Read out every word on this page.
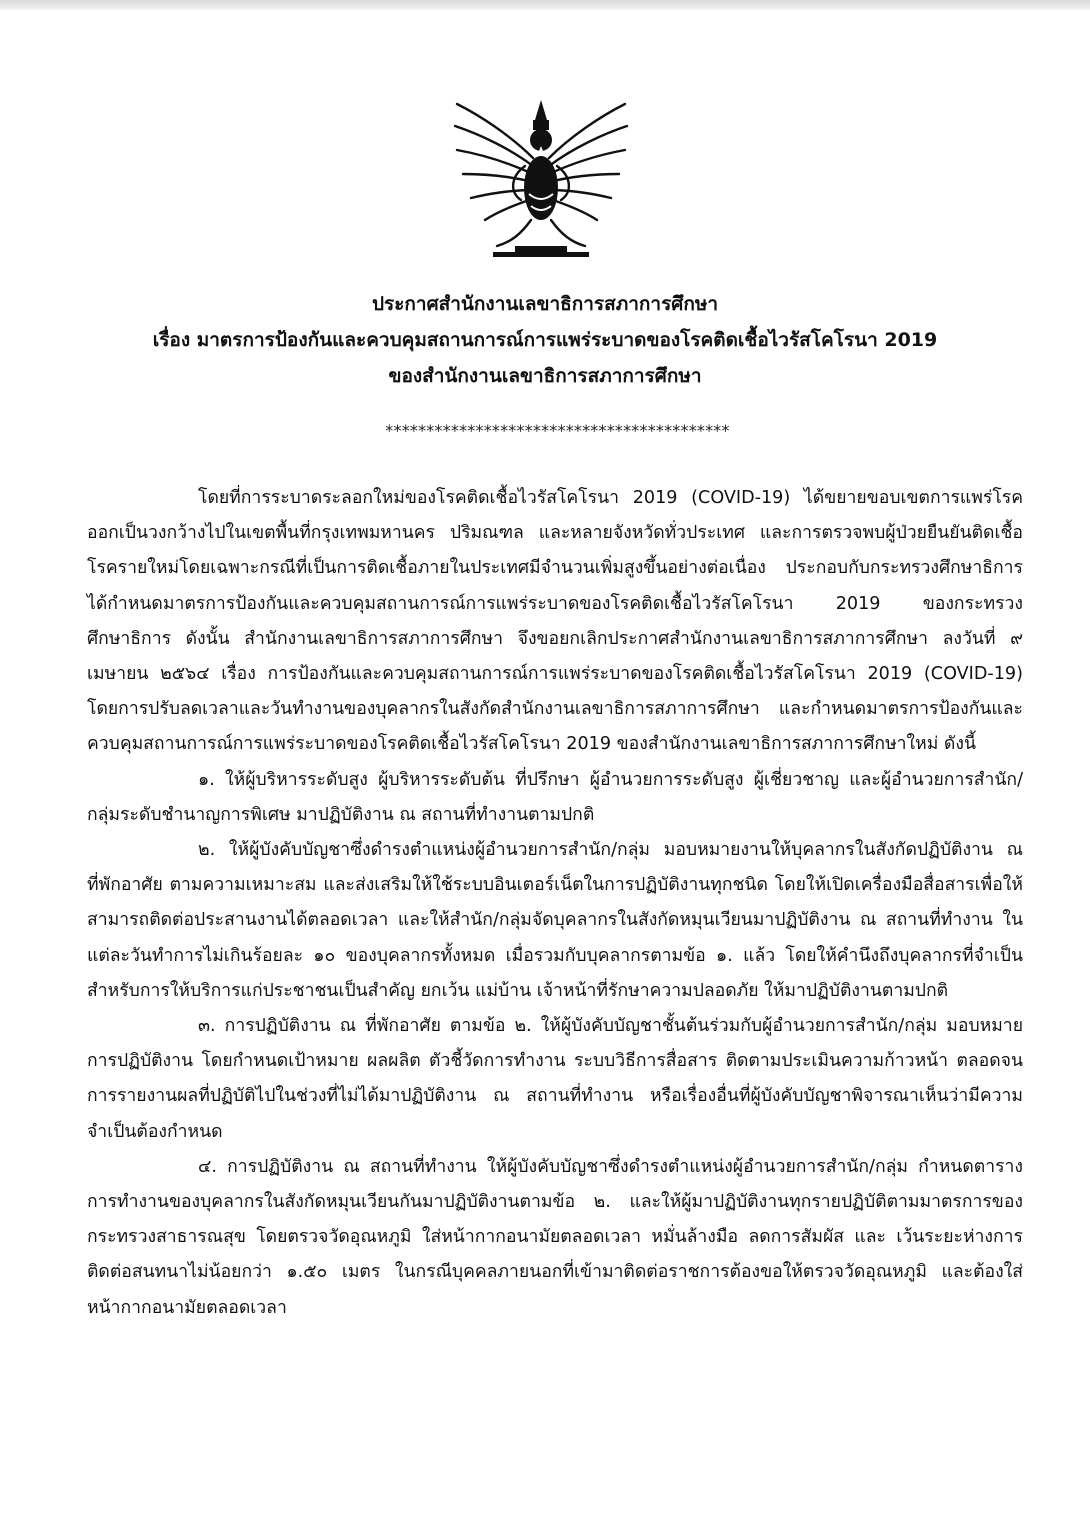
ประกาศสำนักงานเลขาธิการสภาการศึกษา
เรื่อง มาตรการป้องกันและควบคุมสถานการณ์การแพร่ระบาดของโรคติดเชื้อไวรัสโคโรนา 2019
ของสำนักงานเลขาธิการสภาการศึกษา
******************************************

โดยที่การระบาดระลอกใหม่ของโรคติดเชื้อไวรัสโคโรนา 2019 (COVID-19) ได้ขยายขอบเขตการแพร่โรคออกเป็นวงกว้างไปในเขตพื้นที่กรุงเทพมหานคร ปริมณฑล และหลายจังหวัดทั่วประเทศ และการตรวจพบผู้ป่วยยืนยันติดเชื้อโรครายใหม่โดยเฉพาะกรณีที่เป็นการติดเชื้อภายในประเทศมีจำนวนเพิ่มสูงขึ้นอย่างต่อเนื่อง ประกอบกับกระทรวงศึกษาธิการได้กำหนดมาตรการป้องกันและควบคุมสถานการณ์การแพร่ระบาดของโรคติดเชื้อไวรัสโคโรนา 2019 ของกระทรวงศึกษาธิการ ดังนั้น สำนักงานเลขาธิการสภาการศึกษา จึงขอยกเลิกประกาศสำนักงานเลขาธิการสภาการศึกษา ลงวันที่ ๙ เมษายน ๒๕๖๔ เรื่อง การป้องกันและควบคุมสถานการณ์การแพร่ระบาดของโรคติดเชื้อไวรัสโคโรนา 2019 (COVID-19) โดยการปรับลดเวลาและวันทำงานของบุคลากรในสังกัดสำนักงานเลขาธิการสภาการศึกษา และกำหนดมาตรการป้องกันและควบคุมสถานการณ์การแพร่ระบาดของโรคติดเชื้อไวรัสโคโรนา 2019 ของสำนักงานเลขาธิการสภาการศึกษาใหม่ ดังนี้

๑. ให้ผู้บริหารระดับสูง ผู้บริหารระดับต้น ที่ปรึกษา ผู้อำนวยการระดับสูง ผู้เชี่ยวชาญ และผู้อำนวยการสำนัก/กลุ่มระดับชำนาญการพิเศษ มาปฏิบัติงาน ณ สถานที่ทำงานตามปกติ

๒. ให้ผู้บังคับบัญชาซึ่งดำรงตำแหน่งผู้อำนวยการสำนัก/กลุ่ม มอบหมายงานให้บุคลากรในสังกัดปฏิบัติงาน ณ ที่พักอาศัย ตามความเหมาะสม และส่งเสริมให้ใช้ระบบอินเตอร์เน็ตในการปฏิบัติงานทุกชนิด โดยให้เปิดเครื่องมือสื่อสารเพื่อให้สามารถติดต่อประสานงานได้ตลอดเวลา และให้สำนัก/กลุ่มจัดบุคลากรในสังกัดหมุนเวียนมาปฏิบัติงาน ณ สถานที่ทำงาน ในแต่ละวันทำการไม่เกินร้อยละ ๑๐ ของบุคลากรทั้งหมด เมื่อรวมกับบุคลากรตามข้อ ๑. แล้ว โดยให้คำนึงถึงบุคลากรที่จำเป็นสำหรับการให้บริการแก่ประชาชนเป็นสำคัญ ยกเว้น แม่บ้าน เจ้าหน้าที่รักษาความปลอดภัย ให้มาปฏิบัติงานตามปกติ

๓. การปฏิบัติงาน ณ ที่พักอาศัย ตามข้อ ๒. ให้ผู้บังคับบัญชาชั้นต้นร่วมกับผู้อำนวยการสำนัก/กลุ่ม มอบหมายการปฏิบัติงาน โดยกำหนดเป้าหมาย ผลผลิต ตัวชี้วัดการทำงาน ระบบวิธีการสื่อสาร ติดตามประเมินความก้าวหน้า ตลอดจนการรายงานผลที่ปฏิบัติไปในช่วงที่ไม่ได้มาปฏิบัติงาน ณ สถานที่ทำงาน หรือเรื่องอื่นที่ผู้บังคับบัญชาพิจารณาเห็นว่ามีความจำเป็นต้องกำหนด

๔. การปฏิบัติงาน ณ สถานที่ทำงาน ให้ผู้บังคับบัญชาซึ่งดำรงตำแหน่งผู้อำนวยการสำนัก/กลุ่ม กำหนดตารางการทำงานของบุคลากรในสังกัดหมุนเวียนกันมาปฏิบัติงานตามข้อ ๒. และให้ผู้มาปฏิบัติงานทุกรายปฏิบัติตามมาตรการของกระทรวงสาธารณสุข โดยตรวจวัดอุณหภูมิ ใส่หน้ากากอนามัยตลอดเวลา หมั่นล้างมือ ลดการสัมผัส และ เว้นระยะห่างการติดต่อสนทนาไม่น้อยกว่า ๑.๕๐ เมตร ในกรณีบุคคลภายนอกที่เข้ามาติดต่อราชการต้องขอให้ตรวจวัดอุณหภูมิ และต้องใส่หน้ากากอนามัยตลอดเวลา
